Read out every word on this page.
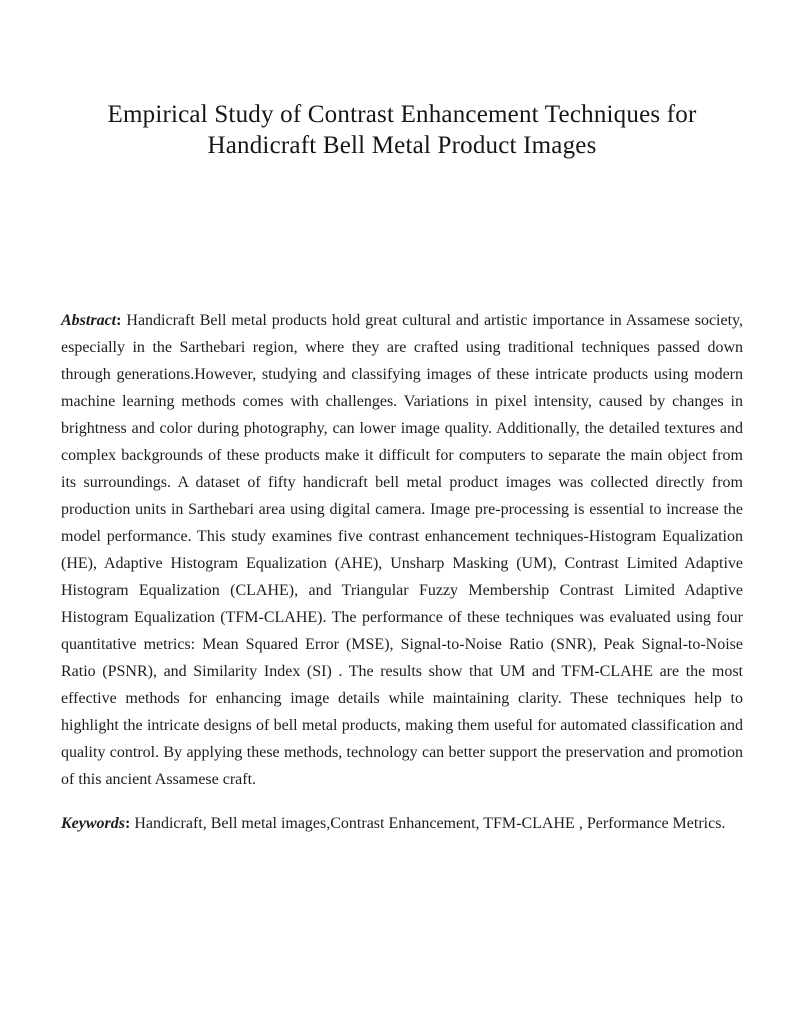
Empirical Study of Contrast Enhancement Techniques for
Handicraft Bell Metal Product Images

Abstract: Handicraft Bell metal products hold great cultural and artistic importance in Assamese society, especially in the Sarthebari region, where they are crafted using traditional techniques passed down through generations.However, studying and classifying images of these intricate products using modern machine learning methods comes with challenges. Variations in pixel intensity, caused by changes in brightness and color during photography, can lower image quality. Additionally, the detailed textures and complex backgrounds of these products make it difficult for computers to separate the main object from its surroundings. A dataset of fifty handicraft bell metal product images was collected directly from production units in Sarthebari area using digital camera. Image pre-processing is essential to increase the model performance. This study examines five contrast enhancement techniques-Histogram Equalization (HE), Adaptive Histogram Equalization (AHE), Unsharp Masking (UM), Contrast Limited Adaptive Histogram Equalization (CLAHE), and Triangular Fuzzy Membership Contrast Limited Adaptive Histogram Equalization (TFM-CLAHE). The performance of these techniques was evaluated using four quantitative metrics: Mean Squared Error (MSE), Signal-to-Noise Ratio (SNR), Peak Signal-to-Noise Ratio (PSNR), and Similarity Index (SI) . The results show that UM and TFM-CLAHE are the most effective methods for enhancing image details while maintaining clarity. These techniques help to highlight the intricate designs of bell metal products, making them useful for automated classification and quality control. By applying these methods, technology can better support the preservation and promotion of this ancient Assamese craft.

Keywords: Handicraft, Bell metal images,Contrast Enhancement, TFM-CLAHE , Performance Metrics.
